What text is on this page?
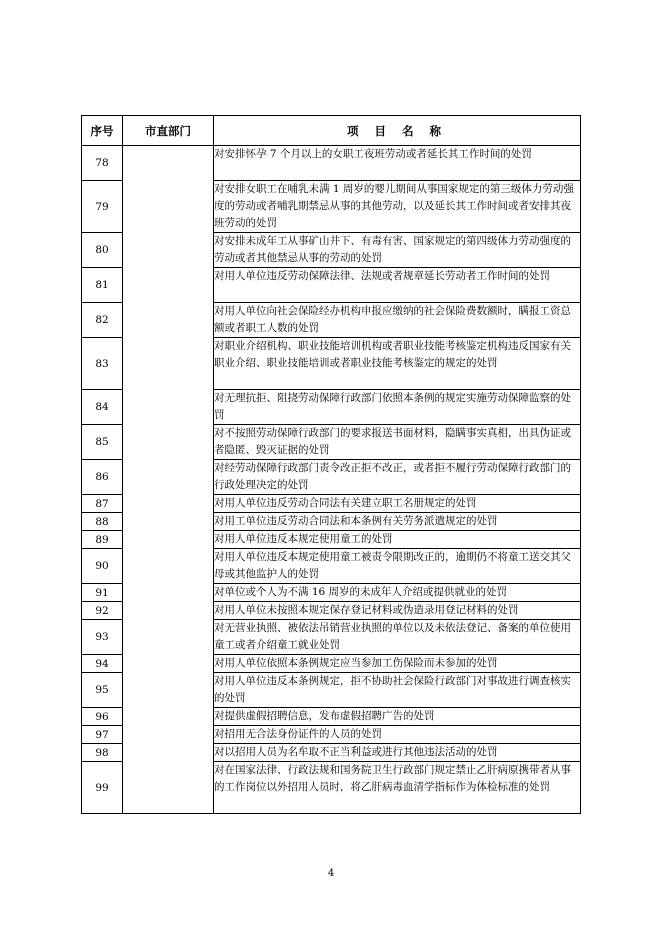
序号	市直部门	项 目 名 称
78		对安排怀孕 7 个月以上的女职工夜班劳动或者延长其工作时间的处罚
79		对安排女职工在哺乳未满 1 周岁的婴儿期间从事国家规定的第三级体力劳动强度的劳动或者哺乳期禁忌从事的其他劳动，以及延长其工作时间或者安排其夜班劳动的处罚
80		对安排未成年工从事矿山井下、有毒有害、国家规定的第四级体力劳动强度的劳动或者其他禁忌从事的劳动的处罚
81		对用人单位违反劳动保障法律、法规或者规章延长劳动者工作时间的处罚
82		对用人单位向社会保险经办机构申报应缴纳的社会保险费数额时，瞒报工资总额或者职工人数的处罚
83		对职业介绍机构、职业技能培训机构或者职业技能考核鉴定机构违反国家有关职业介绍、职业技能培训或者职业技能考核鉴定的规定的处罚
84		对无理抗拒、阻挠劳动保障行政部门依照本条例的规定实施劳动保障监察的处罚
85		对不按照劳动保障行政部门的要求报送书面材料，隐瞒事实真相，出具伪证或者隐匿、毁灭证据的处罚
86		对经劳动保障行政部门责令改正拒不改正，或者拒不履行劳动保障行政部门的行政处理决定的处罚
87		对用人单位违反劳动合同法有关建立职工名册规定的处罚
88		对用工单位违反劳动合同法和本条例有关劳务派遣规定的处罚
89		对用人单位违反本规定使用童工的处罚
90		对用人单位违反本规定使用童工被责令限期改正的，逾期仍不将童工送交其父母或其他监护人的处罚
91		对单位或个人为不满 16 周岁的未成年人介绍或提供就业的处罚
92		对用人单位未按照本规定保存登记材料或伪造录用登记材料的处罚
93		对无营业执照、被依法吊销营业执照的单位以及未依法登记、备案的单位使用童工或者介绍童工就业处罚
94		对用人单位依照本条例规定应当参加工伤保险而未参加的处罚
95		对用人单位违反本条例规定，拒不协助社会保险行政部门对事故进行调查核实的处罚
96		对提供虚假招聘信息，发布虚假招聘广告的处罚
97		对招用无合法身份证件的人员的处罚
98		对以招用人员为名牟取不正当利益或进行其他违法活动的处罚
99		对在国家法律、行政法规和国务院卫生行政部门规定禁止乙肝病原携带者从事的工作岗位以外招用人员时，将乙肝病毒血清学指标作为体检标准的处罚
4
